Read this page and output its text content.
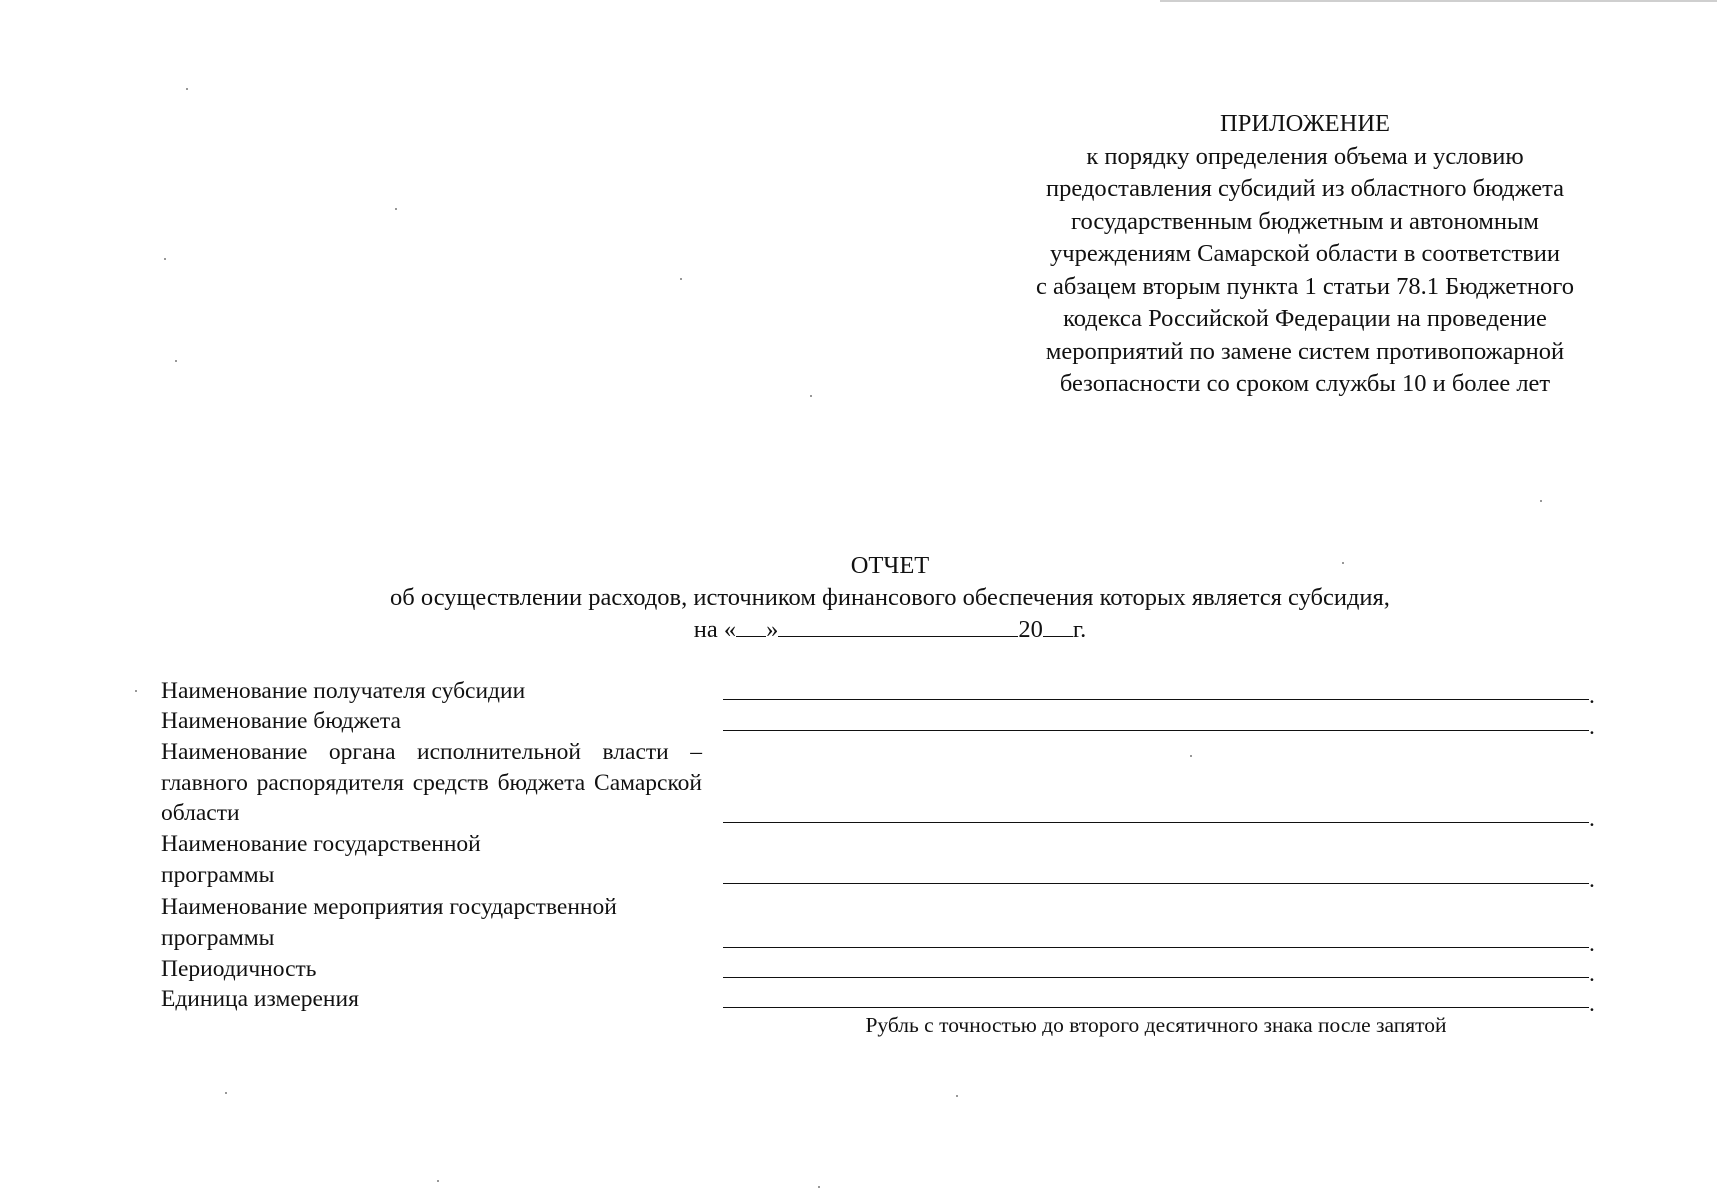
ПРИЛОЖЕНИЕ
к порядку определения объема и условию
предоставления субсидий из областного бюджета
государственным бюджетным и автономным
учреждениям Самарской области в соответствии
с абзацем вторым пункта 1 статьи 78.1 Бюджетного
кодекса Российской Федерации на проведение
мероприятий по замене систем противопожарной
безопасности со сроком службы 10 и более лет
ОТЧЕТ
об осуществлении расходов, источником финансового обеспечения которых является субсидия,
на « »	20 г.
Наименование получателя субсидии	.
Наименование бюджета	.
Наименование органа исполнительной власти – главного распорядителя средств бюджета Самарской области	.
Наименование государственной
программы	.
Наименование мероприятия государственной
программы	.
Периодичность	.
Единица измерения	.
Рубль с точностью до второго десятичного знака после запятой
